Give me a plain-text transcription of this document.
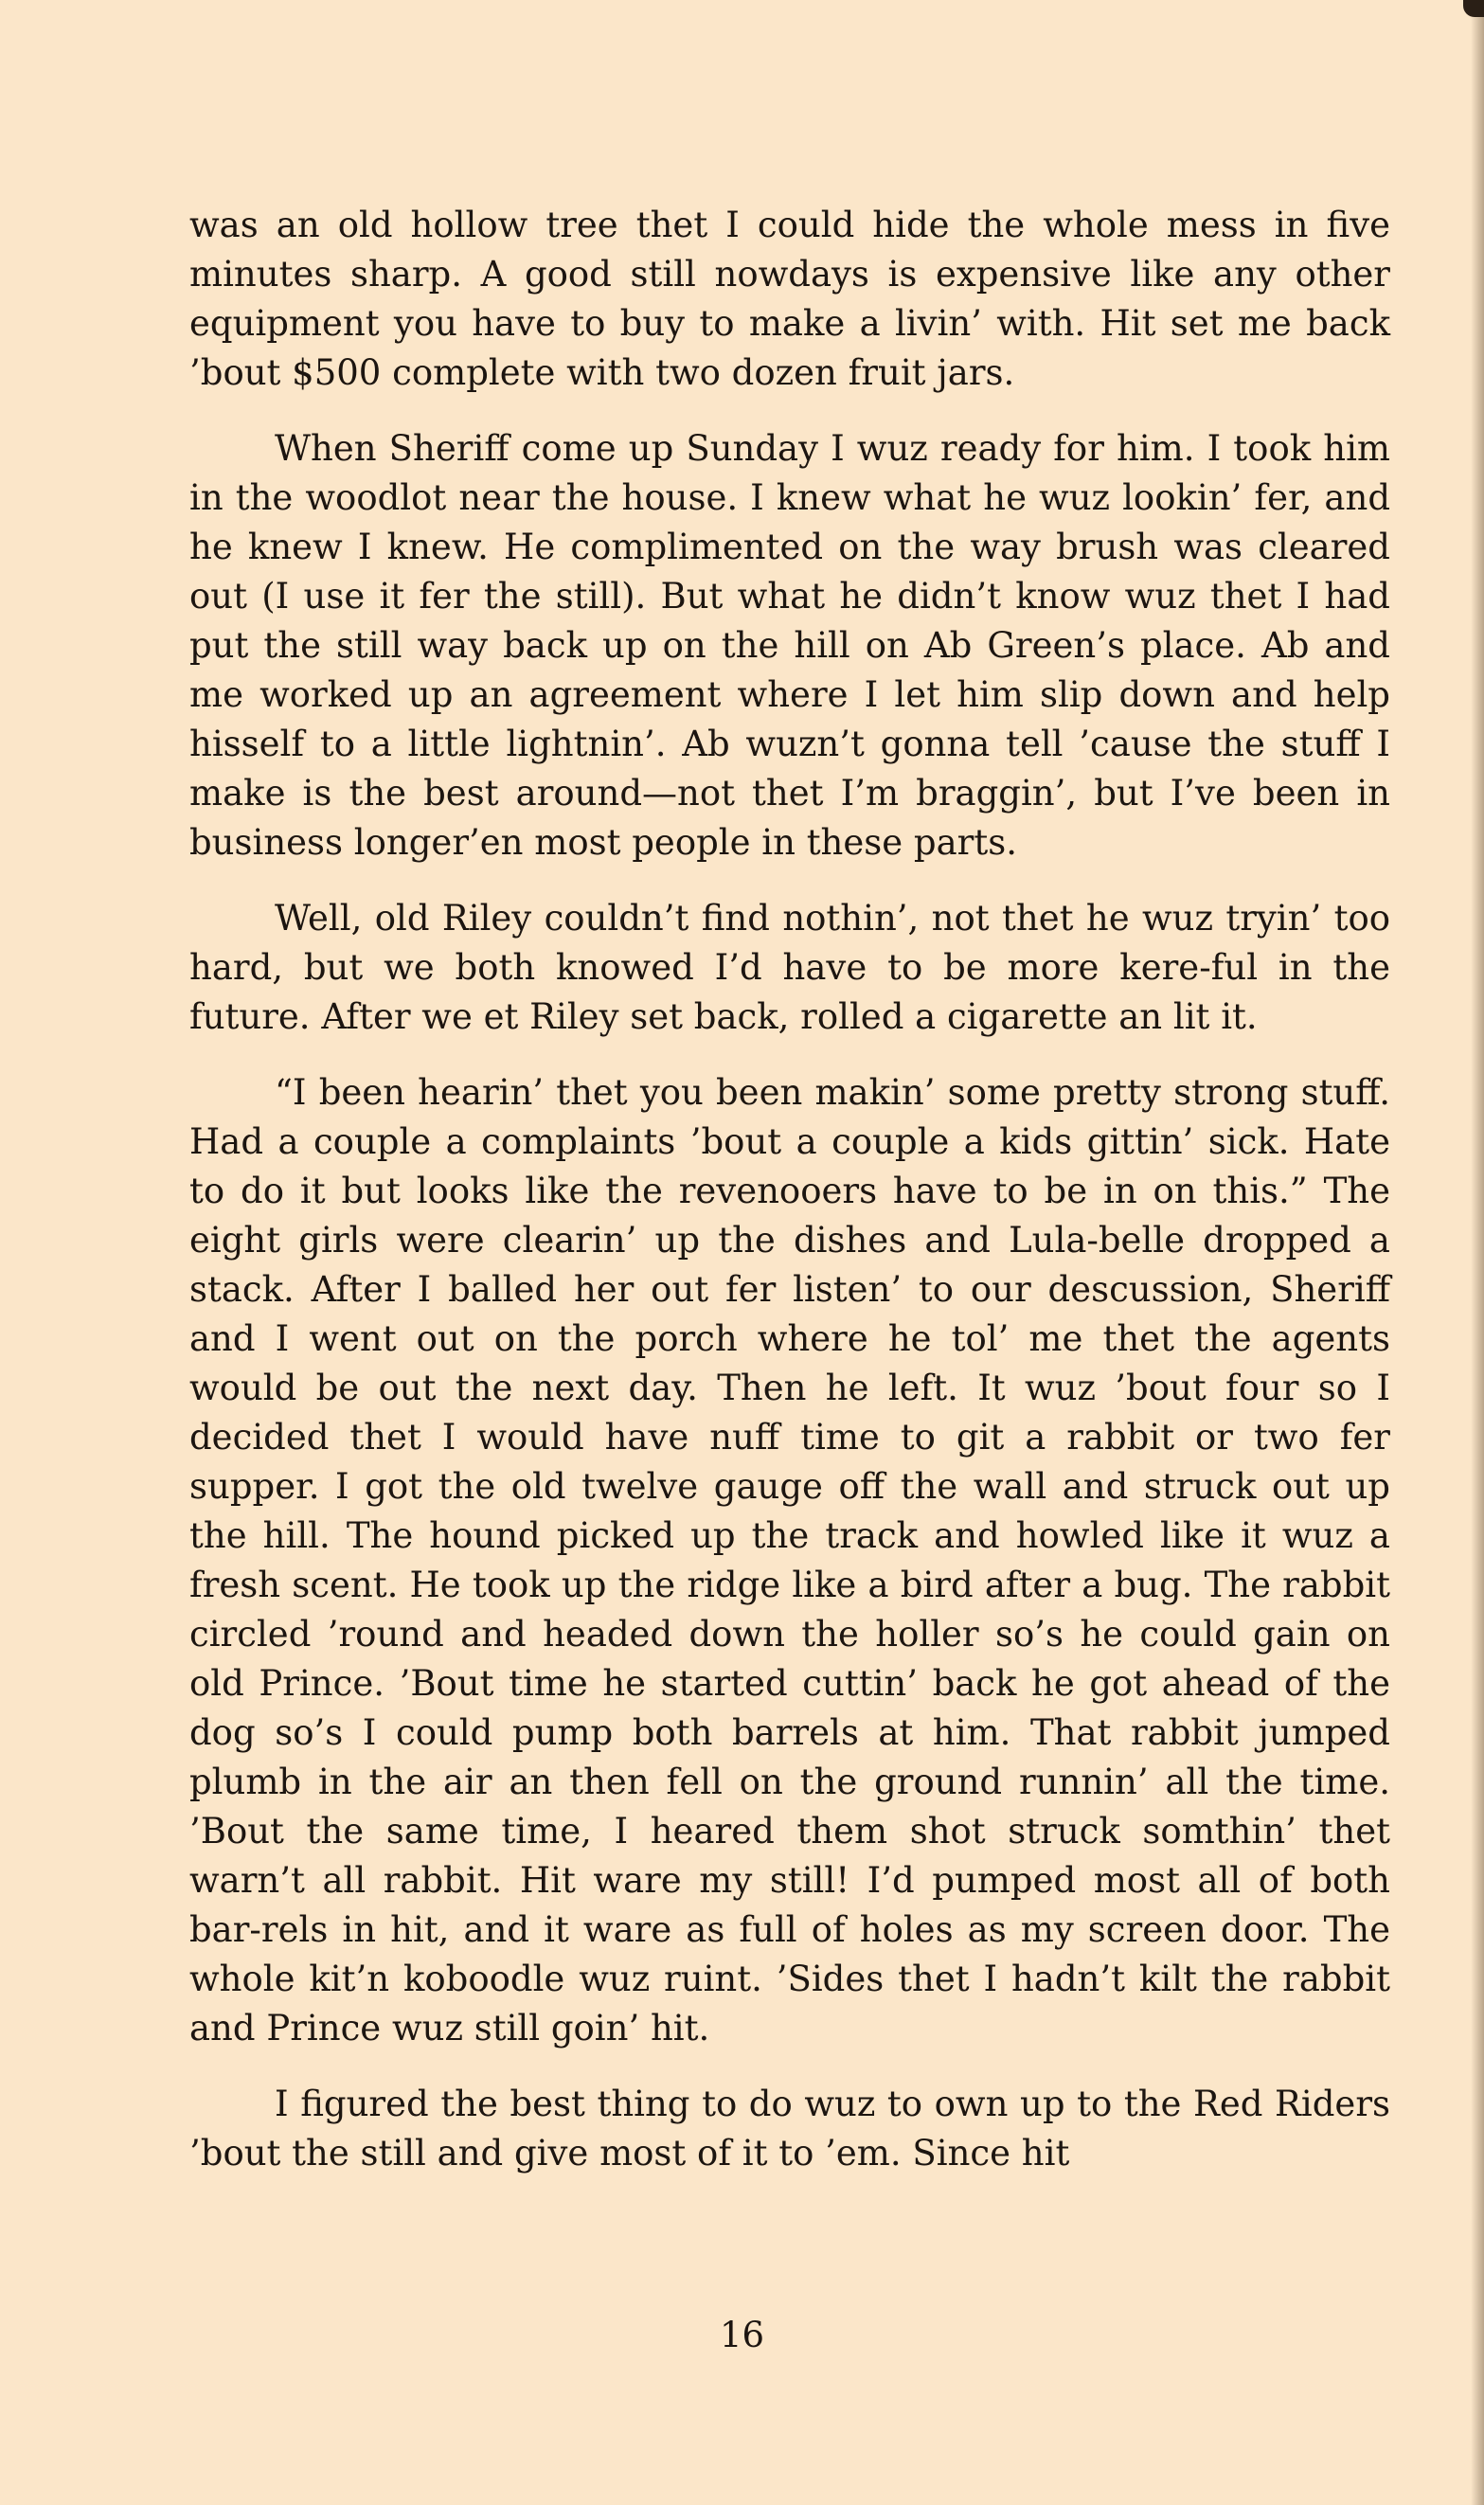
was an old hollow tree thet I could hide the whole mess in five minutes sharp. A good still nowdays is expensive like any other equipment you have to buy to make a livin’ with. Hit set me back ’bout $500 complete with two dozen fruit jars.

When Sheriff come up Sunday I wuz ready for him. I took him in the woodlot near the house. I knew what he wuz lookin’ fer, and he knew I knew. He complimented on the way brush was cleared out (I use it fer the still). But what he didn’t know wuz thet I had put the still way back up on the hill on Ab Green’s place. Ab and me worked up an agreement where I let him slip down and help hisself to a little lightnin’. Ab wuzn’t gonna tell ’cause the stuff I make is the best around—not thet I’m braggin’, but I’ve been in business longer’en most people in these parts.

Well, old Riley couldn’t find nothin’, not thet he wuz tryin’ too hard, but we both knowed I’d have to be more kere-ful in the future. After we et Riley set back, rolled a cigarette an lit it.

“I been hearin’ thet you been makin’ some pretty strong stuff. Had a couple a complaints ’bout a couple a kids gittin’ sick. Hate to do it but looks like the revenooers have to be in on this.” The eight girls were clearin’ up the dishes and Lula-belle dropped a stack. After I balled her out fer listen’ to our descussion, Sheriff and I went out on the porch where he tol’ me thet the agents would be out the next day. Then he left. It wuz ’bout four so I decided thet I would have nuff time to git a rabbit or two fer supper. I got the old twelve gauge off the wall and struck out up the hill. The hound picked up the track and howled like it wuz a fresh scent. He took up the ridge like a bird after a bug. The rabbit circled ’round and headed down the holler so’s he could gain on old Prince. ’Bout time he started cuttin’ back he got ahead of the dog so’s I could pump both barrels at him. That rabbit jumped plumb in the air an then fell on the ground runnin’ all the time. ’Bout the same time, I heared them shot struck somthin’ thet warn’t all rabbit. Hit ware my still! I’d pumped most all of both bar-rels in hit, and it ware as full of holes as my screen door. The whole kit’n koboodle wuz ruint. ’Sides thet I hadn’t kilt the rabbit and Prince wuz still goin’ hit.

I figured the best thing to do wuz to own up to the Red Riders ’bout the still and give most of it to ’em. Since hit

16
